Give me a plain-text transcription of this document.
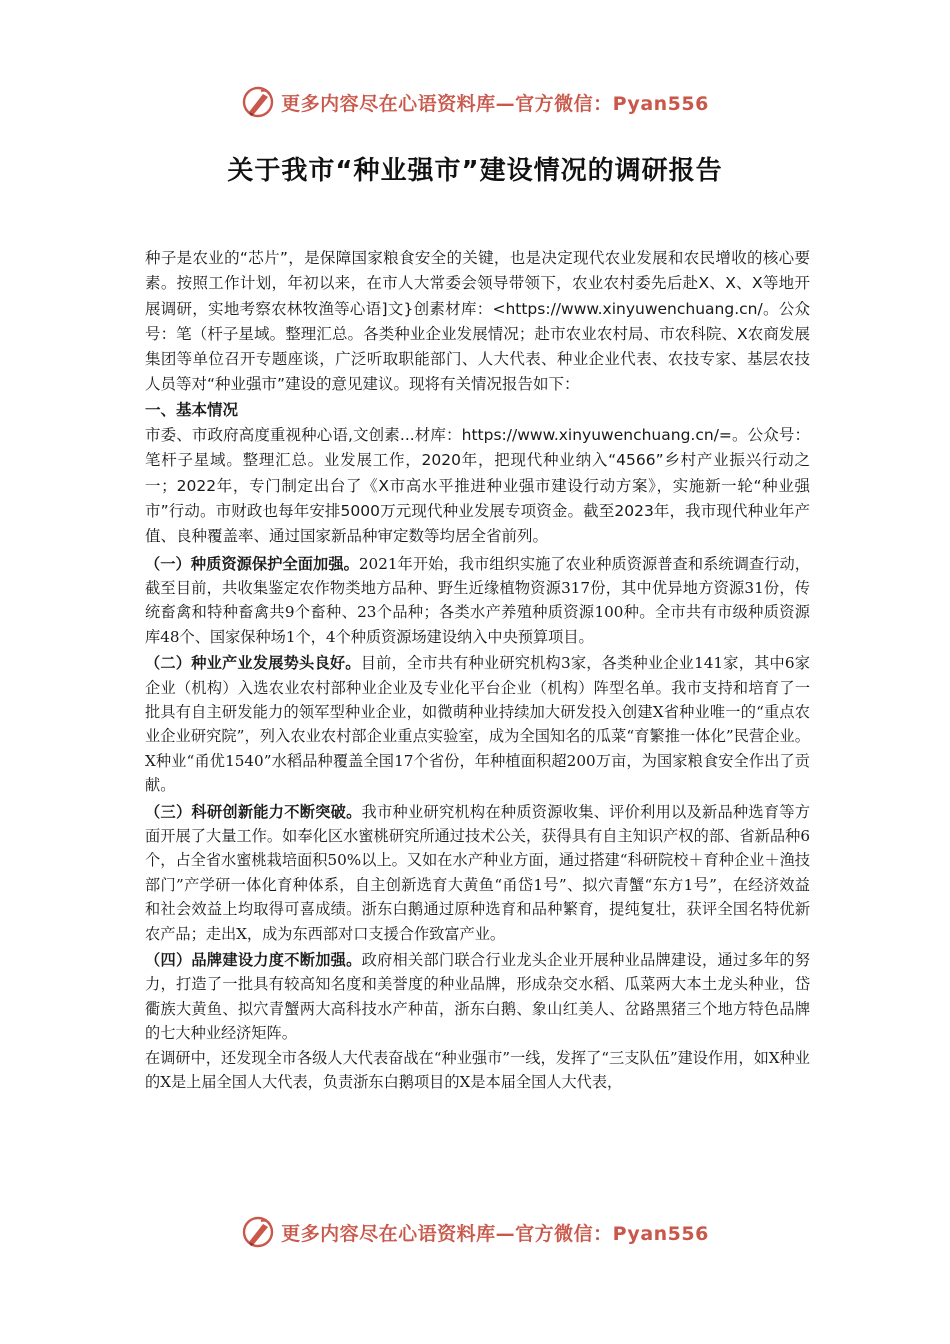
更多内容尽在心语资料库—官方微信：Pyan556
关于我市“种业强市”建设情况的调研报告

种子是农业的“芯片”，是保障国家粮食安全的关键，也是决定现代农业发展和农民增收的核心要素。按照工作计划，年初以来，在市人大常委会领导带领下，农业农村委先后赴X、X、X等地开展调研，实地考察农林牧渔等心语]文}创素材库：<https://www.xinyuwenchuang.cn/。公众号：笔（杆子星域。整理汇总。各类种业企业发展情况；赴市农业农村局、市农科院、X农商发展集团等单位召开专题座谈，广泛听取职能部门、人大代表、种业企业代表、农技专家、基层农技人员等对“种业强市”建设的意见建议。现将有关情况报告如下：

一、基本情况

市委、市政府高度重视种心语,文创素...材库：https://www.xinyuwenchuang.cn/=。公众号：笔杆子星域。整理汇总。业发展工作，2020年，把现代种业纳入“4566”乡村产业振兴行动之一；2022年，专门制定出台了《X市高水平推进种业强市建设行动方案》，实施新一轮“种业强市”行动。市财政也每年安排5000万元现代种业发展专项资金。截至2023年，我市现代种业年产值、良种覆盖率、通过国家新品种审定数等均居全省前列。

（一）种质资源保护全面加强。2021年开始，我市组织实施了农业种质资源普查和系统调查行动，截至目前，共收集鉴定农作物类地方品种、野生近缘植物资源317份，其中优异地方资源31份，传统畜禽和特种畜禽共9个畜种、23个品种；各类水产养殖种质资源100种。全市共有市级种质资源库48个、国家保种场1个，4个种质资源场建设纳入中央预算项目。

（二）种业产业发展势头良好。目前，全市共有种业研究机构3家，各类种业企业141家，其中6家企业（机构）入选农业农村部种业企业及专业化平台企业（机构）阵型名单。我市支持和培育了一批具有自主研发能力的领军型种业企业，如微萌种业持续加大研发投入创建X省种业唯一的“重点农业企业研究院”，列入农业农村部企业重点实验室，成为全国知名的瓜菜“育繁推一体化”民营企业。X种业“甬优1540”水稻品种覆盖全国17个省份，年种植面积超200万亩，为国家粮食安全作出了贡献。

（三）科研创新能力不断突破。我市种业研究机构在种质资源收集、评价利用以及新品种选育等方面开展了大量工作。如奉化区水蜜桃研究所通过技术公关，获得具有自主知识产权的部、省新品种6个，占全省水蜜桃栽培面积50%以上。又如在水产种业方面，通过搭建“科研院校＋育种企业＋渔技部门”产学研一体化育种体系，自主创新选育大黄鱼“甬岱1号”、拟穴青蟹“东方1号”，在经济效益和社会效益上均取得可喜成绩。浙东白鹅通过原种选育和品种繁育，提纯复壮，获评全国名特优新农产品；走出X，成为东西部对口支援合作致富产业。

（四）品牌建设力度不断加强。政府相关部门联合行业龙头企业开展种业品牌建设，通过多年的努力，打造了一批具有较高知名度和美誉度的种业品牌，形成杂交水稻、瓜菜两大本土龙头种业，岱衢族大黄鱼、拟穴青蟹两大高科技水产种苗，浙东白鹅、象山红美人、岔路黑猪三个地方特色品牌的七大种业经济矩阵。

在调研中，还发现全市各级人大代表奋战在“种业强市”一线，发挥了“三支队伍”建设作用，如X种业的X是上届全国人大代表，负责浙东白鹅项目的X是本届全国人大代表，

更多内容尽在心语资料库—官方微信：Pyan556
